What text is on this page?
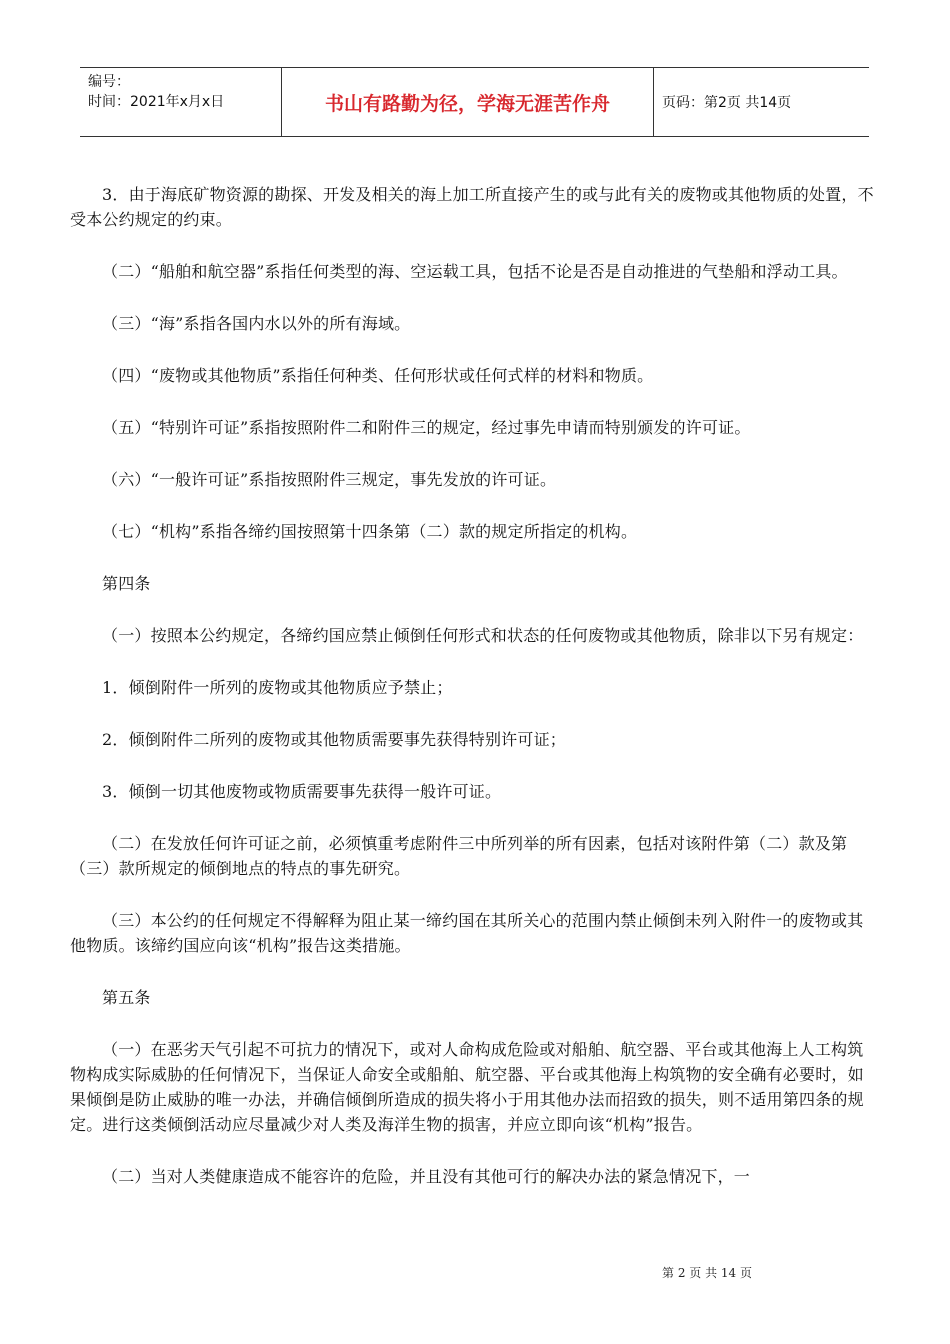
编号：
时间：2021年x月x日	书山有路勤为径，学海无涯苦作舟	页码：第2页 共14页

3．由于海底矿物资源的勘探、开发及相关的海上加工所直接产生的或与此有关的废物或其他物质的处置，不受本公约规定的约束。

（二）“船舶和航空器”系指任何类型的海、空运载工具，包括不论是否是自动推进的气垫船和浮动工具。

（三）“海”系指各国内水以外的所有海域。

（四）“废物或其他物质”系指任何种类、任何形状或任何式样的材料和物质。

（五）“特别许可证”系指按照附件二和附件三的规定，经过事先申请而特别颁发的许可证。

（六）“一般许可证”系指按照附件三规定，事先发放的许可证。

（七）“机构”系指各缔约国按照第十四条第（二）款的规定所指定的机构。

第四条

（一）按照本公约规定，各缔约国应禁止倾倒任何形式和状态的任何废物或其他物质，除非以下另有规定：

1．倾倒附件一所列的废物或其他物质应予禁止；

2．倾倒附件二所列的废物或其他物质需要事先获得特别许可证；

3．倾倒一切其他废物或物质需要事先获得一般许可证。

（二）在发放任何许可证之前，必须慎重考虑附件三中所列举的所有因素，包括对该附件第（二）款及第（三）款所规定的倾倒地点的特点的事先研究。

（三）本公约的任何规定不得解释为阻止某一缔约国在其所关心的范围内禁止倾倒未列入附件一的废物或其他物质。该缔约国应向该“机构”报告这类措施。

第五条

（一）在恶劣天气引起不可抗力的情况下，或对人命构成危险或对船舶、航空器、平台或其他海上人工构筑物构成实际威胁的任何情况下，当保证人命安全或船舶、航空器、平台或其他海上构筑物的安全确有必要时，如果倾倒是防止威胁的唯一办法，并确信倾倒所造成的损失将小于用其他办法而招致的损失，则不适用第四条的规定。进行这类倾倒活动应尽量减少对人类及海洋生物的损害，并应立即向该“机构”报告。

（二）当对人类健康造成不能容许的危险，并且没有其他可行的解决办法的紧急情况下，一

第 2 页 共 14 页
